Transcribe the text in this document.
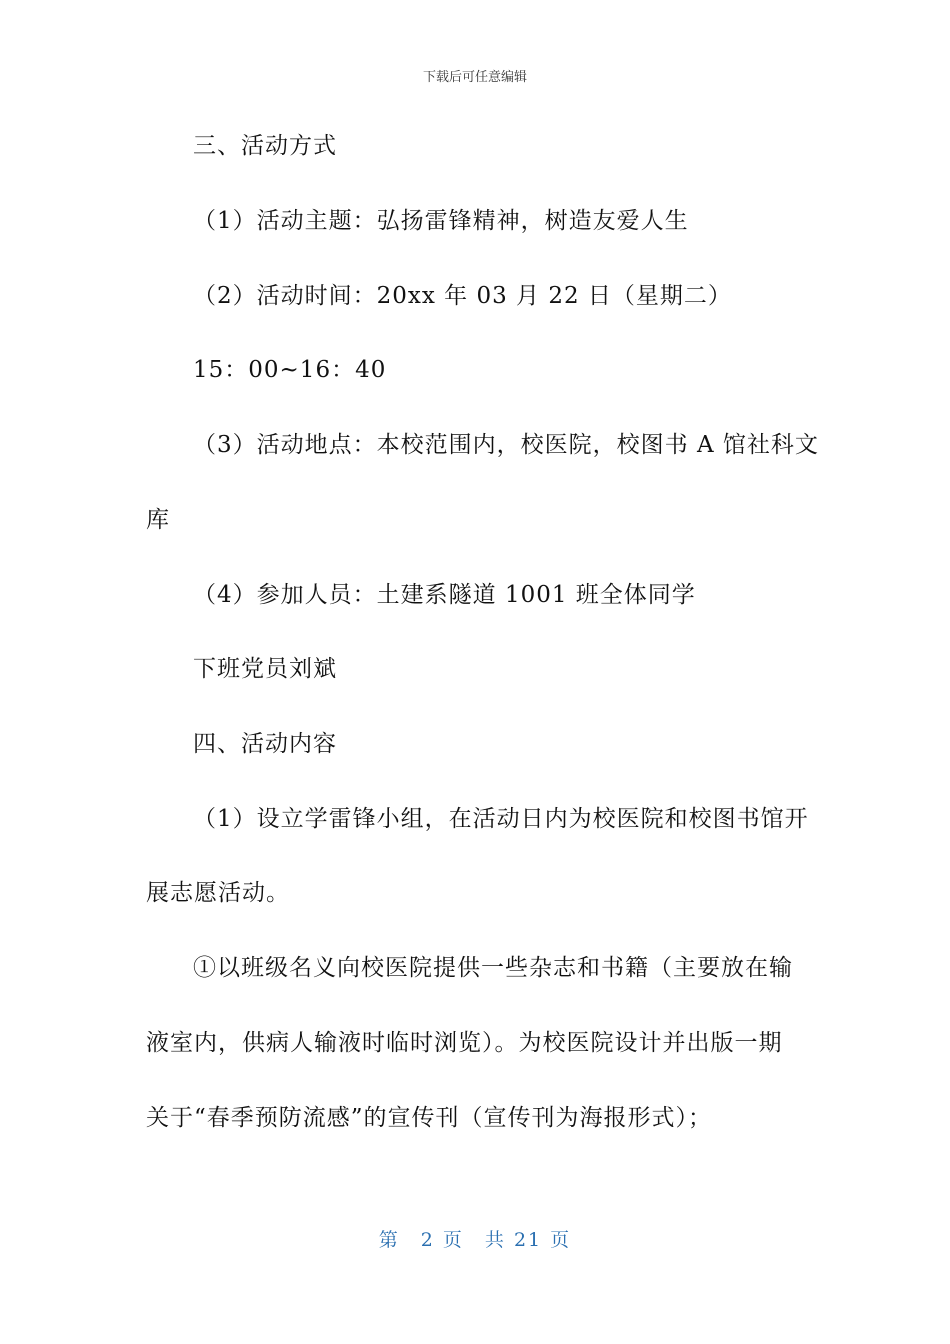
下载后可任意编辑
三、活动方式
（1）活动主题：弘扬雷锋精神，树造友爱人生
（2）活动时间：20xx 年 03 月 22 日（星期二）
15：00~16：40
（3）活动地点：本校范围内，校医院，校图书 A 馆社科文
库
（4）参加人员：土建系隧道 1001 班全体同学
下班党员刘斌
四、活动内容
（1）设立学雷锋小组，在活动日内为校医院和校图书馆开
展志愿活动。
①以班级名义向校医院提供一些杂志和书籍（主要放在输
液室内，供病人输液时临时浏览）。为校医院设计并出版一期
关于“春季预防流感”的宣传刊（宣传刊为海报形式）；
第　2 页　共 21 页
